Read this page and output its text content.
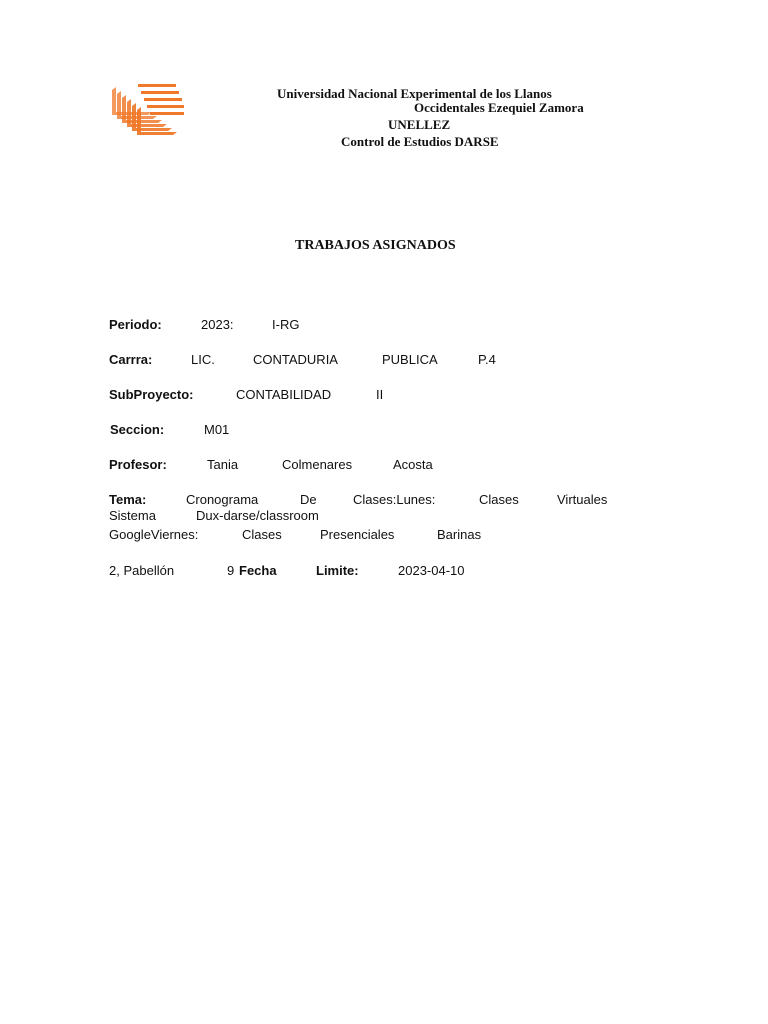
Universidad Nacional Experimental de los Llanos
Occidentales Ezequiel Zamora
UNELLEZ
Control de Estudios DARSE
TRABAJOS ASIGNADOS
Periodo:	2023:	I-RG
Carrra:	LIC.	CONTADURIA	PUBLICA	P.4
SubProyecto:	CONTABILIDAD	II
Seccion:	M01
Profesor:	Tania	Colmenares	Acosta
Tema:	Cronograma	De	Clases:Lunes:	Clases	Virtuales
Sistema	Dux-darse/classroom
GoogleViernes:	Clases	Presenciales	Barinas
2, Pabellón	9 Fecha	Limite:	2023-04-10
